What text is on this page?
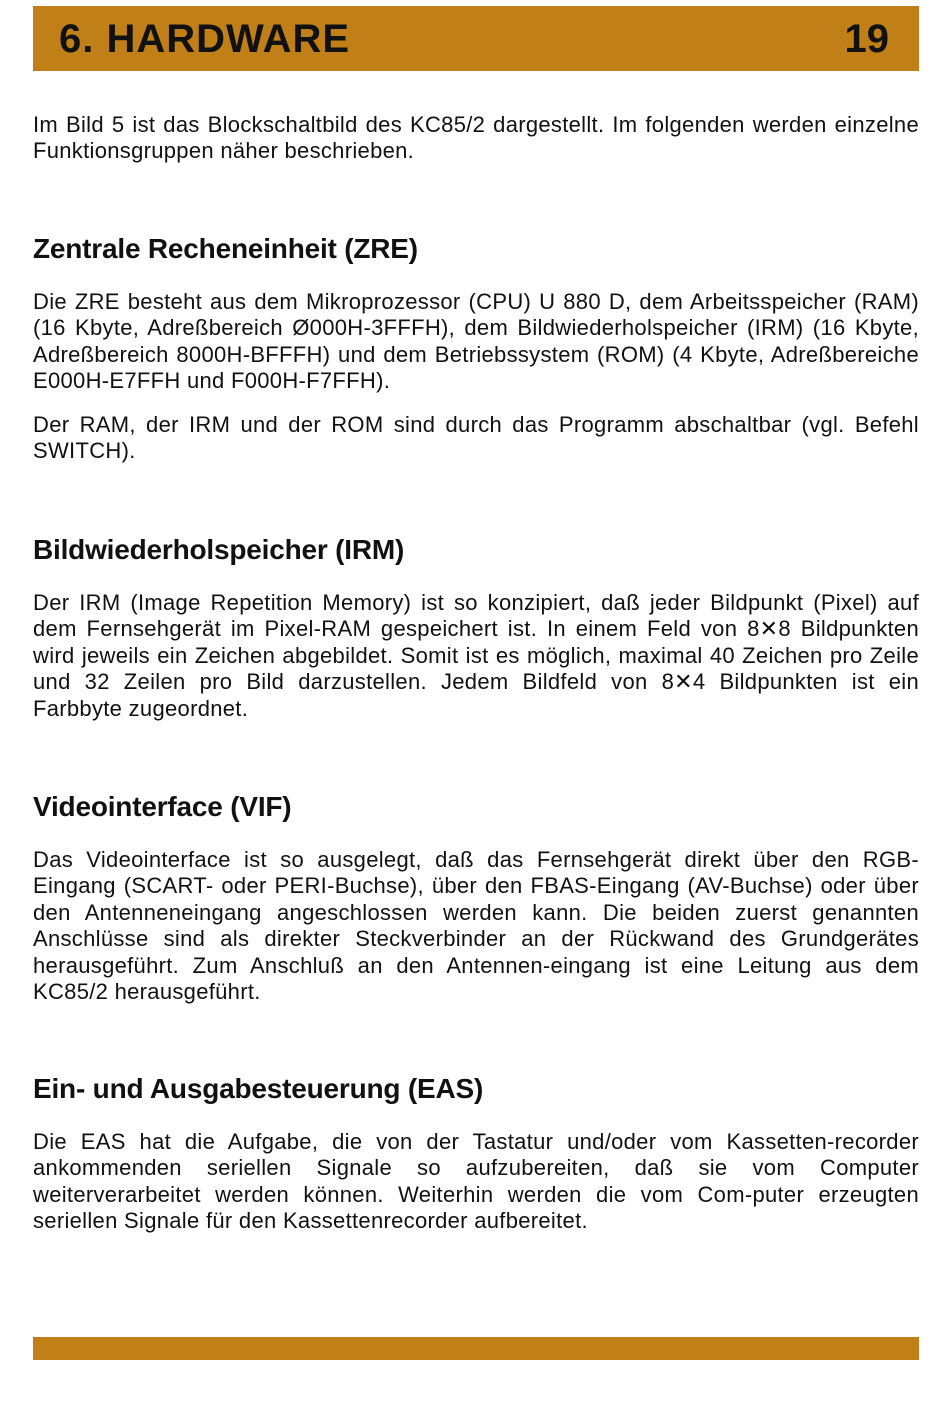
6. HARDWARE	19

Im Bild 5 ist das Blockschaltbild des KC85/2 dargestellt. Im folgenden werden einzelne Funktionsgruppen näher beschrieben.

Zentrale Recheneinheit (ZRE)

Die ZRE besteht aus dem Mikroprozessor (CPU) U 880 D, dem Arbeitsspeicher (RAM) (16 Kbyte, Adreßbereich Ø000H-3FFFH), dem Bildwiederholspeicher (IRM) (16 Kbyte, Adreßbereich 8000H-BFFFH) und dem Betriebssystem (ROM) (4 Kbyte, Adreßbereiche E000H-E7FFH und F000H-F7FFH).

Der RAM, der IRM und der ROM sind durch das Programm abschaltbar (vgl. Befehl SWITCH).

Bildwiederholspeicher (IRM)

Der IRM (Image Repetition Memory) ist so konzipiert, daß jeder Bildpunkt (Pixel) auf dem Fernsehgerät im Pixel-RAM gespeichert ist. In einem Feld von 8✕8 Bildpunkten wird jeweils ein Zeichen abgebildet. Somit ist es möglich, maximal 40 Zeichen pro Zeile und 32 Zeilen pro Bild darzustellen. Jedem Bildfeld von 8✕4 Bildpunkten ist ein Farbbyte zugeordnet.

Videointerface (VIF)

Das Videointerface ist so ausgelegt, daß das Fernsehgerät direkt über den RGB-Eingang (SCART- oder PERI-Buchse), über den FBAS-Eingang (AV-Buchse) oder über den Antenneneingang angeschlossen werden kann. Die beiden zuerst genannten Anschlüsse sind als direkter Steckverbinder an der Rückwand des Grundgerätes herausgeführt. Zum Anschluß an den Antennen-eingang ist eine Leitung aus dem KC85/2 herausgeführt.

Ein- und Ausgabesteuerung (EAS)

Die EAS hat die Aufgabe, die von der Tastatur und/oder vom Kassetten-recorder ankommenden seriellen Signale so aufzubereiten, daß sie vom Computer weiterverarbeitet werden können. Weiterhin werden die vom Com-puter erzeugten seriellen Signale für den Kassettenrecorder aufbereitet.
